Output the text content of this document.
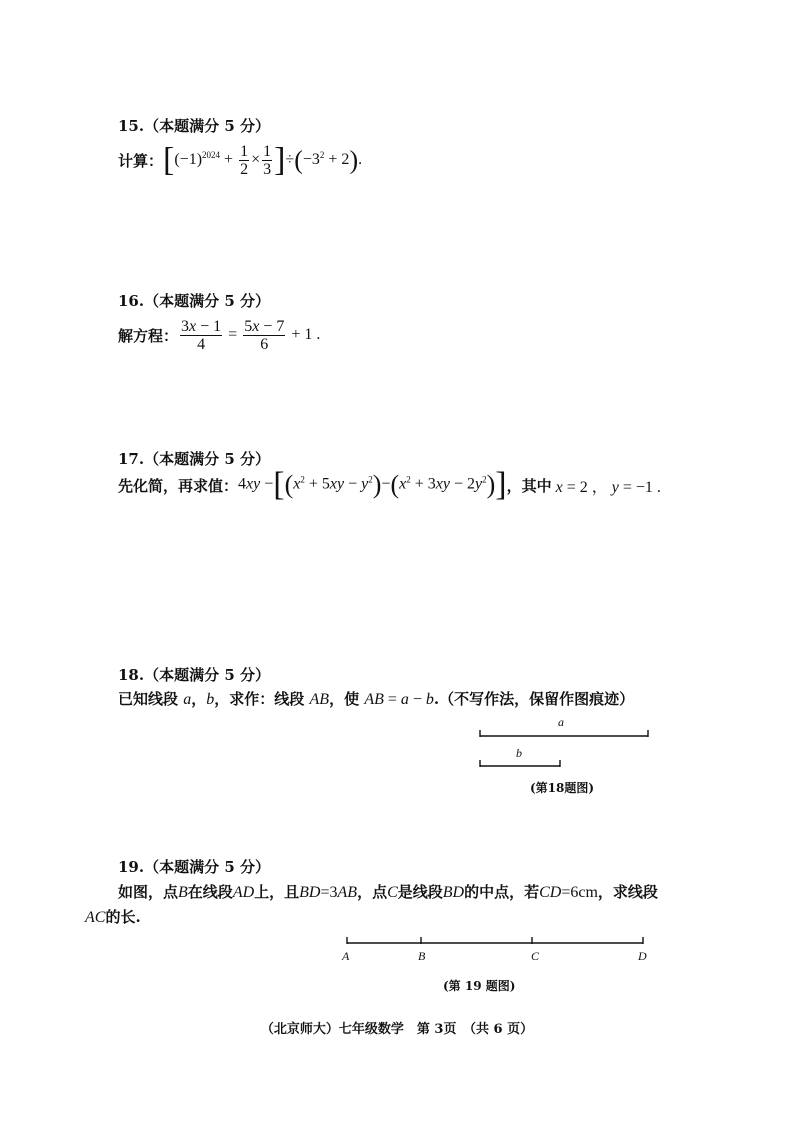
15.（本题满分 5 分）
计算： $[(-1)^{2024} + \frac{1}{2} \times \frac{1}{3} ]\div(-3^2 + 2)$.
16.（本题满分 5 分）
解方程： $\frac{3x - 1}{4} = \frac{5x - 7}{6} + 1$ .
17.（本题满分 5 分）
先化简，再求值： $4xy -[(x^2 + 5xy - y^2)-(x^2 + 3xy - 2y^2)]$ ，其中 x = 2 ， y = −1 .
18.（本题满分 5 分）
已知线段 a，b，求作：线段 AB，使 AB = a − b.（不写作法，保留作图痕迹）
a
b
(第18题图)
19.（本题满分 5 分）
如图，点B在线段AD上，且BD=3AB，点C是线段BD的中点，若CD=6cm，求线段
AC的长.
A	B	C	D
(第 19 题图)
（北京师大）七年级数学　第 3页　（共 6 页）
